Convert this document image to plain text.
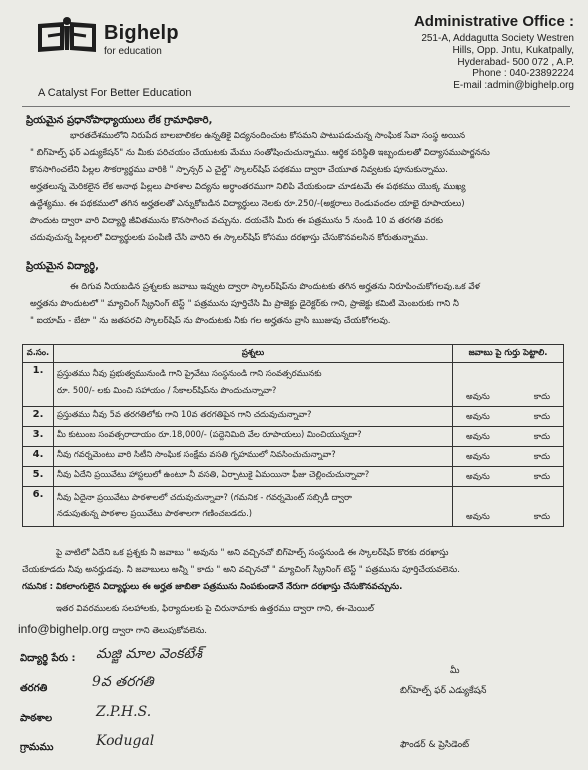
Bighelp
for education
A Catalyst For Better Education
Administrative Office :
251-A, Addagutta Society Westren
Hills, Opp. Jntu, Kukatpally,
Hyderabad- 500 072 , A.P.
Phone : 040-23892224
E-mail :admin@bighelp.org
ప్రియమైన ప్రధానోపాధ్యాయులు లేక గ్రామాధికారి,
భారతదేశములోని నిరుపేద బాలబాలికల ఉన్నతికై విద్యనందించుట కోసమని పాటుపడుచున్న సాంఘిక సేవా సంస్థ అయిన
" బిగ్‌హెల్ప్ ఫర్ ఎడ్యుకేషన్" ను మీకు పరిచయం చేయుటకు మేము సంతోషించుచున్నాము. ఆర్థిక పరిస్థితి ఇబ్బందులతో విద్యాసముపార్జనను
కొనసాగించలేని పిల్లల సౌకర్యార్థము వారికి " స్పాన్సర్ ఎ చైల్డ్" స్కాలర్‌షిప్ పథకము ద్వారా చేయూత నివ్వటకు పూనుకున్నాము.
అర్హతలున్న మెరికలైన లేక అనాథ పిల్లలు పాఠశాల విద్యను అర్ధాంతరముగా నిలిపి వేయకుండా చూడటమే ఈ పథకము యొక్క ముఖ్య
ఉద్దేశ్యము. ఈ పథకములో తగిన అర్హతలతో ఎన్నుకోబడిన విద్యార్ధులు నెలకు రూ.250/-(అక్షరాలు రెండువందల యాభై రూపాయలు)
పొందుట ద్వారా వారి విద్యార్థి జీవితమును కొనసాగించ వచ్చును. దయచేసి మీరు ఈ పత్రమును 5 నుండి 10 వ తరగతి వరకు
చదువుచున్న పిల్లలలో విద్యార్థులకు పంపిణీ చేసి వారిని ఈ స్కాలర్‌షిప్ కోసము దరఖాస్తు చేసుకొనవలసిన కోరుతున్నాము.
ప్రియమైన విద్యార్థి,
ఈ దిగువ నీయబడిన ప్రశ్నలకు జవాబు ఇవ్వుట ద్వారా స్కాలర్‌షిప్‌ను పొందుటకు తగిన అర్హతను నిరూపించుకోగలవు.ఒక వేళ
అర్హతను పొందుటలో " మ్యాచింగ్ స్క్రీనింగ్ టెస్ట్ " పత్రమును పూర్తిచేసి మీ ప్రాజెక్టు డైరెక్టర్‌కు గాని, ప్రాజెక్టు కమిటీ మెంబరుకు గాని నీ
" ఐయామ్ - బేటా " ను జతపరచి స్కాలర్‌షిప్ ను పొందుటకు నీకు గల అర్హతను వ్రాసి ఋజువు చేయకోగలవు.
వ.సం.	ప్రశ్నలు	జవాబు పై గుర్తు పెట్టాలి.
1.	ప్రస్తుతము నీవు ప్రభుత్వమునుండి గాని ప్రైవేటు సంస్థనుండి గాని సంవత్సరమునకు
రూ. 500/- లకు మించి సహాయం / సేకాలర్‌షిప్‌ను పొందుచున్నావా?	అవును కాదు

2.	ప్రస్తుతము నీవు 5వ తరగతిలోకు గాని 10వ తరగతిపైన గాని చదువుచున్నావా?	అవును కాదు

3.	మీ కుటుంబ సంవత్సరాదాయం రూ.18,000/- (పద్దెనిమిది వేల రూపాయలు) మించియున్నదా?	అవును కాదు

4.	నీవు గవర్నమెంటు వారి సిటీని సాంఘిక సంక్షేమ వసతి గృహములో నివసించుచున్నావా?	అవును కాదు

5.	నీవు ఏదేని ప్రయివేటు హాస్టలులో ఉంటూ నీ వసతి, ఏర్పాటుకై ఏమయినా ఫీజు చెల్లించుచున్నావా?	అవును కాదు

6.	నీవు ఏదైనా ప్రయివేటు పాఠశాలలో చదువుచున్నావా? (గమనిక - గవర్నమెంట్ సబ్సిడీ ద్వారా
నడుపుతున్న పాఠశాల ప్రయివేటు పాఠశాలగా గణించబడదు.)	అవును కాదు
పై వాటిలో ఏదేని ఒక ప్రశ్నకు నీ జవాబు " అవును " అని వచ్చినచో బిగ్‌హెల్ప్ సంస్థనుండి ఈ స్కాలర్‌షిప్ కొరకు దరఖాస్తు
చేయకూడదు నీవు అనర్హుడవు. నీ జవాబులు అన్నీ " కాదు " అని వచ్చినచో " మ్యాచింగ్ స్క్రీనింగ్ టెస్ట్ " పత్రమును పూర్తిచేయవలెను.
గమనిక : వికలాంగులైన విద్యార్థులు ఈ అర్హత జాబితా పత్రమును నింపకుండానే నేరుగా దరఖాస్తు చేసుకొనవచ్చును.
ఇతర వివరములకు సలహాలకు, ఫిర్యాదులకు పై చిరునామాకు ఉత్తరము ద్వారా గాని, ఈ-మెయిల్
info@bighelp.org ద్వారా గాని తెలుపుకోవలెను.
విద్యార్థి పేరు : మజ్జి మాల వెంకటేశ్
తరగతి	9వ తరగతి
పాఠశాల	Z.P.H.S.
గ్రామము	Kodugal
మీ
బిగ్‌హెల్ప్ ఫర్ ఎడ్యుకేషన్
ఫౌండర్ & ప్రెసిడెంట్
